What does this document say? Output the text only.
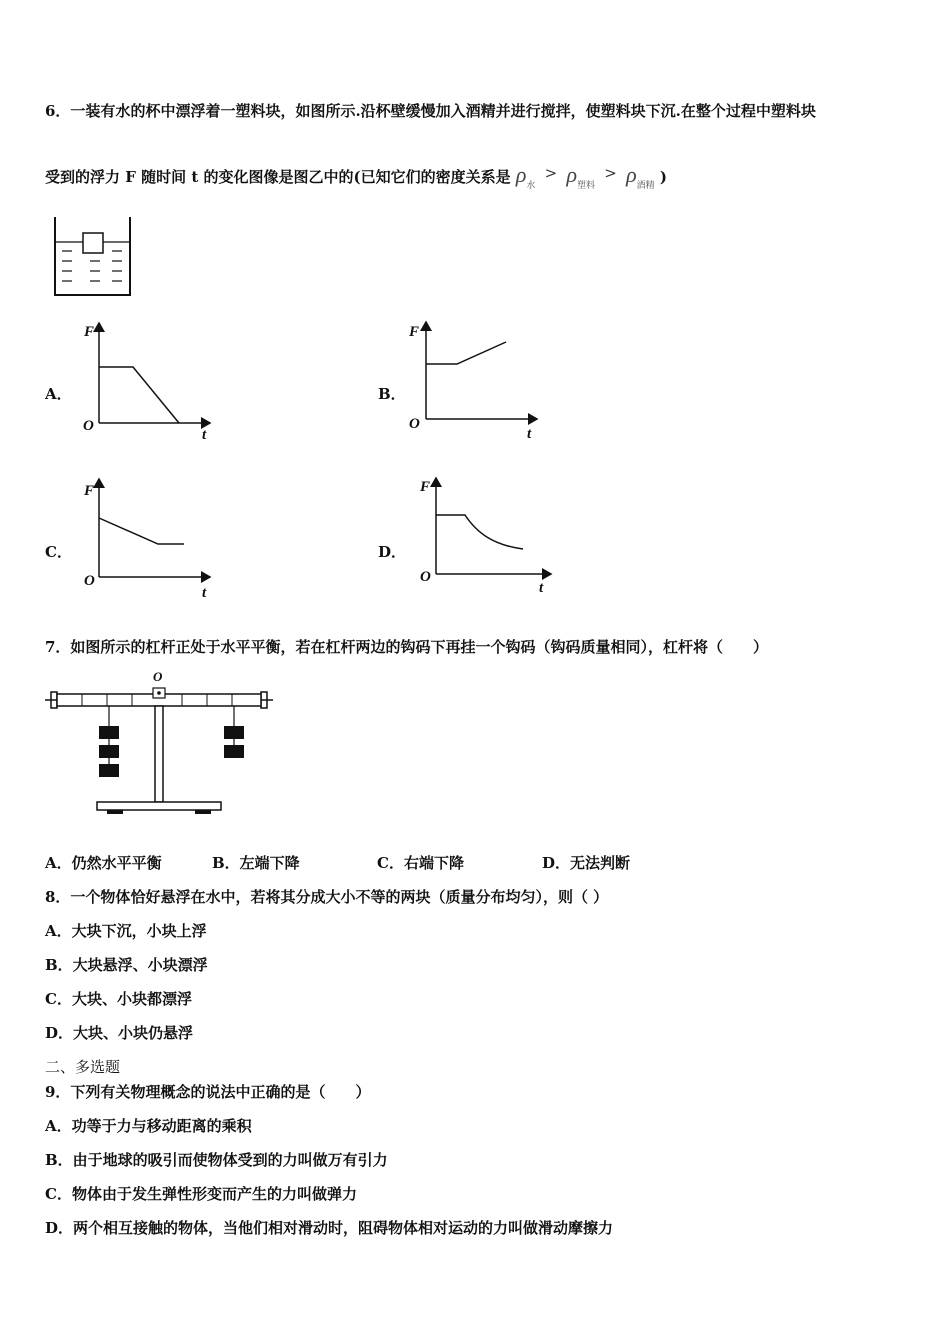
6．一装有水的杯中漂浮着一塑料块，如图所示.沿杯壁缓慢加入酒精并进行搅拌，使塑料块下沉.在整个过程中塑料块
受到的浮力 F 随时间 t 的变化图像是图乙中的(已知它们的密度关系是 $\rho_水 > \rho_{塑料} > \rho_{酒精}$ )
A．
F
O
t
B．
F
O
t
C．
F
O
t
D．
F
O
t
7．如图所示的杠杆正处于水平平衡，若在杠杆两边的钩码下再挂一个钩码（钩码质量相同），杠杆将（　　）
O
A．仍然水平平衡	B．左端下降	C．右端下降	D．无法判断
8．一个物体恰好悬浮在水中，若将其分成大小不等的两块（质量分布均匀），则（ ）
A．大块下沉，小块上浮
B．大块悬浮、小块漂浮
C．大块、小块都漂浮
D．大块、小块仍悬浮
二、多选题
9．下列有关物理概念的说法中正确的是（　　）
A．功等于力与移动距离的乘积
B．由于地球的吸引而使物体受到的力叫做万有引力
C．物体由于发生弹性形变而产生的力叫做弹力
D．两个相互接触的物体，当他们相对滑动时，阻碍物体相对运动的力叫做滑动摩擦力
